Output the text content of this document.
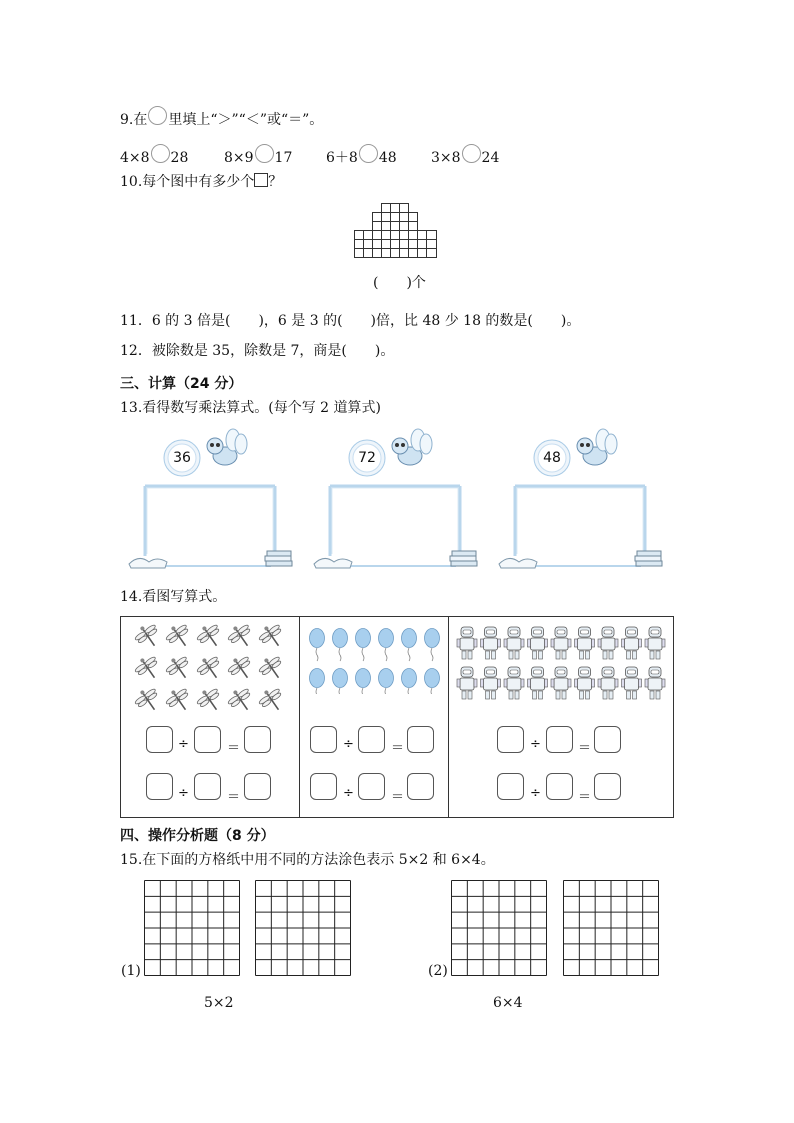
9.在 里填上“＞”“＜”或“＝”。
4×8 28	8×9 17 6＋8 48 3×8 24
10.每个图中有多少个 ？
(　　)个
11．6 的 3 倍是(　　)，6 是 3 的(　　)倍，比 48 少 18 的数是(　　)。
12．被除数是 35，除数是 7，商是(　　)。
三、计算（24 分）
13.看得数写乘法算式。(每个写 2 道算式)
36	72	48
14.看图写算式。
÷	＝
÷	＝
÷	＝
÷	＝
÷	＝
÷	＝
四、操作分析题（8 分）
15.在下面的方格纸中用不同的方法涂色表示 5×2 和 6×4。
(1)	(2)
5×2	6×4
